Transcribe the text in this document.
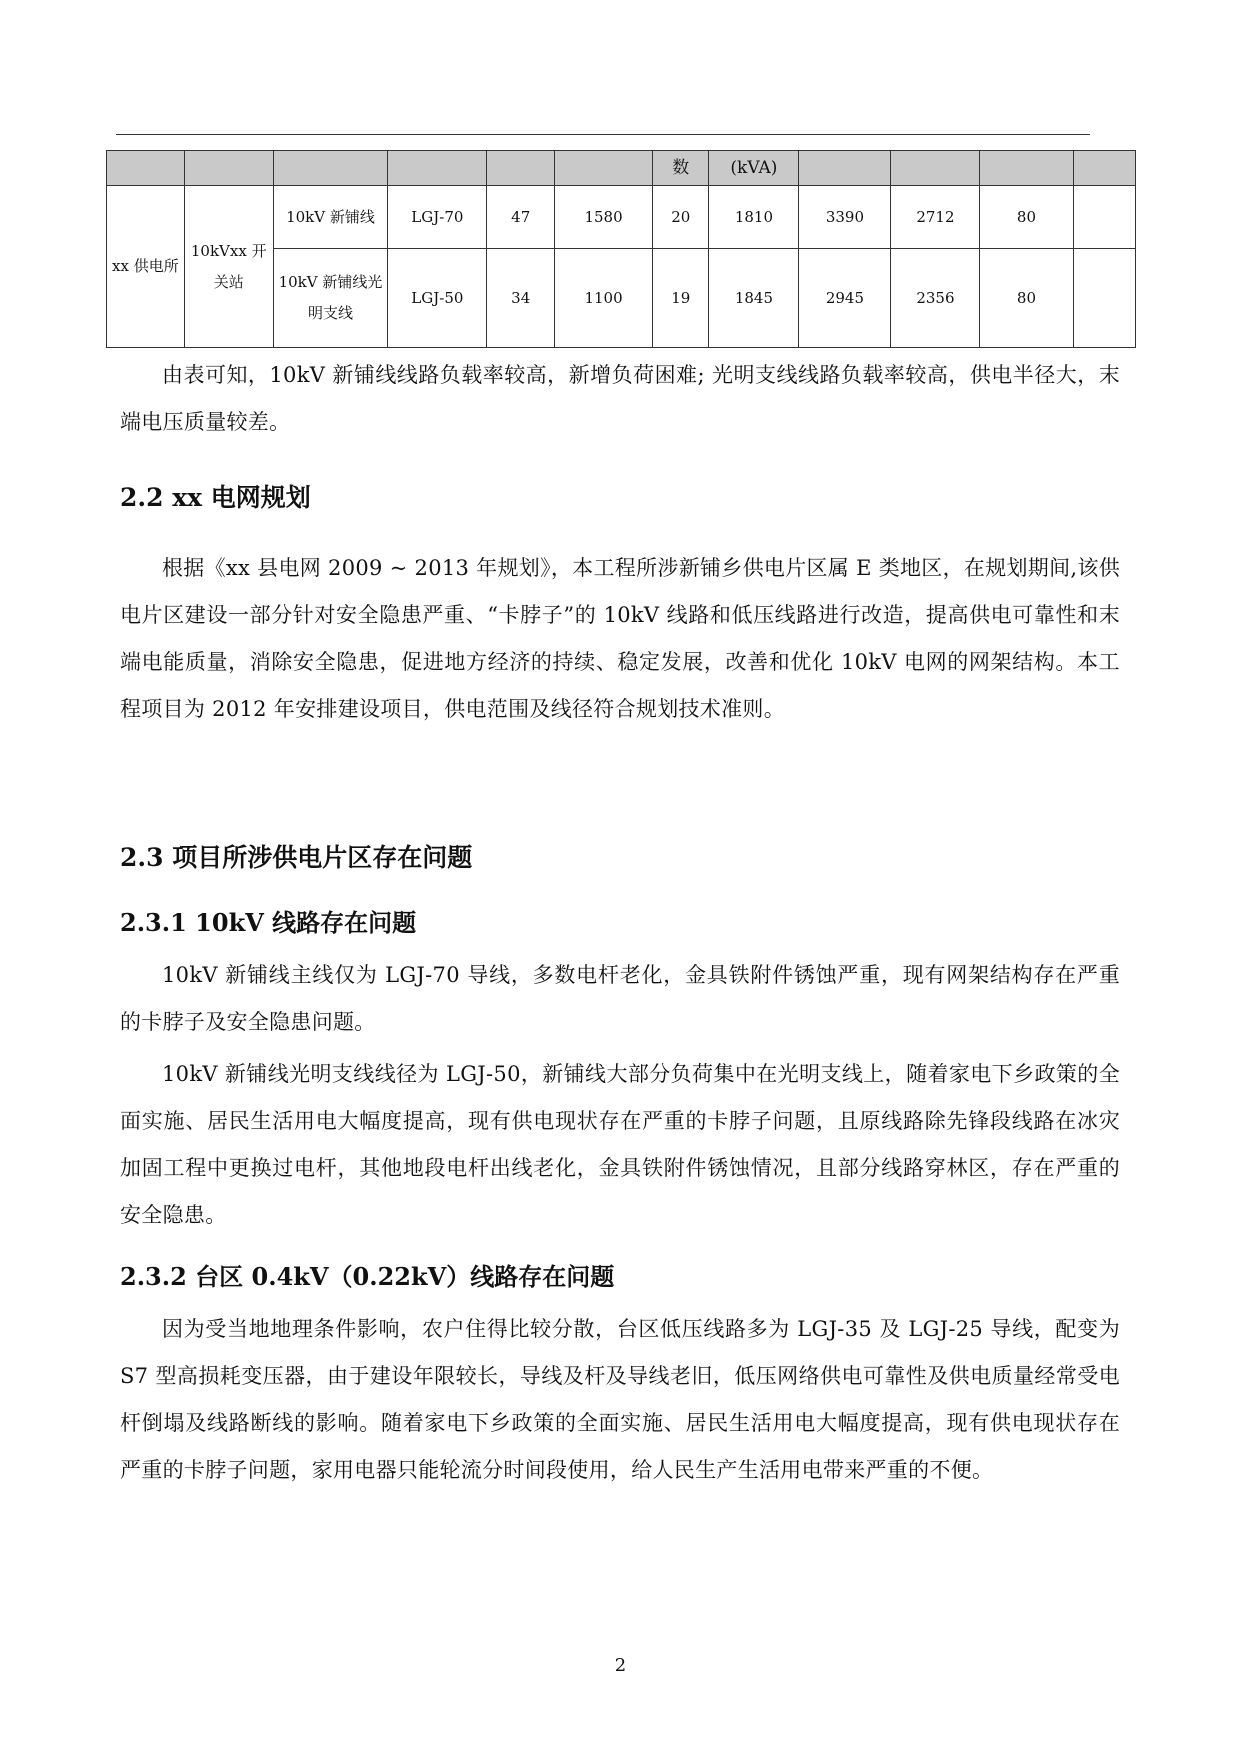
						数	(kVA)				
xx 供电所	10kVxx 开关站	10kV 新铺线	LGJ-70	47	1580	20	1810	3390	2712	80	
		10kV 新铺线光明支线	LGJ-50	34	1100	19	1845	2945	2356	80	

由表可知，10kV 新铺线线路负载率较高，新增负荷困难; 光明支线线路负载率较高，供电半径大，末端电压质量较差。

2.2 xx 电网规划

根据《xx 县电网 2009 ~ 2013 年规划》，本工程所涉新铺乡供电片区属 E 类地区，在规划期间,该供电片区建设一部分针对安全隐患严重、“卡脖子”的 10kV 线路和低压线路进行改造，提高供电可靠性和末端电能质量，消除安全隐患，促进地方经济的持续、稳定发展，改善和优化 10kV 电网的网架结构。本工程项目为 2012 年安排建设项目，供电范围及线径符合规划技术准则。

2.3 项目所涉供电片区存在问题
2.3.1 10kV 线路存在问题

10kV 新铺线主线仅为 LGJ-70 导线，多数电杆老化，金具铁附件锈蚀严重，现有网架结构存在严重的卡脖子及安全隐患问题。

10kV 新铺线光明支线线径为 LGJ-50，新铺线大部分负荷集中在光明支线上，随着家电下乡政策的全面实施、居民生活用电大幅度提高，现有供电现状存在严重的卡脖子问题，且原线路除先锋段线路在冰灾加固工程中更换过电杆，其他地段电杆出线老化，金具铁附件锈蚀情况，且部分线路穿林区，存在严重的安全隐患。

2.3.2 台区 0.4kV（0.22kV）线路存在问题

因为受当地地理条件影响，农户住得比较分散，台区低压线路多为 LGJ-35 及 LGJ-25 导线，配变为 S7 型高损耗变压器，由于建设年限较长，导线及杆及导线老旧，低压网络供电可靠性及供电质量经常受电杆倒塌及线路断线的影响。随着家电下乡政策的全面实施、居民生活用电大幅度提高，现有供电现状存在严重的卡脖子问题，家用电器只能轮流分时间段使用，给人民生产生活用电带来严重的不便。

2
